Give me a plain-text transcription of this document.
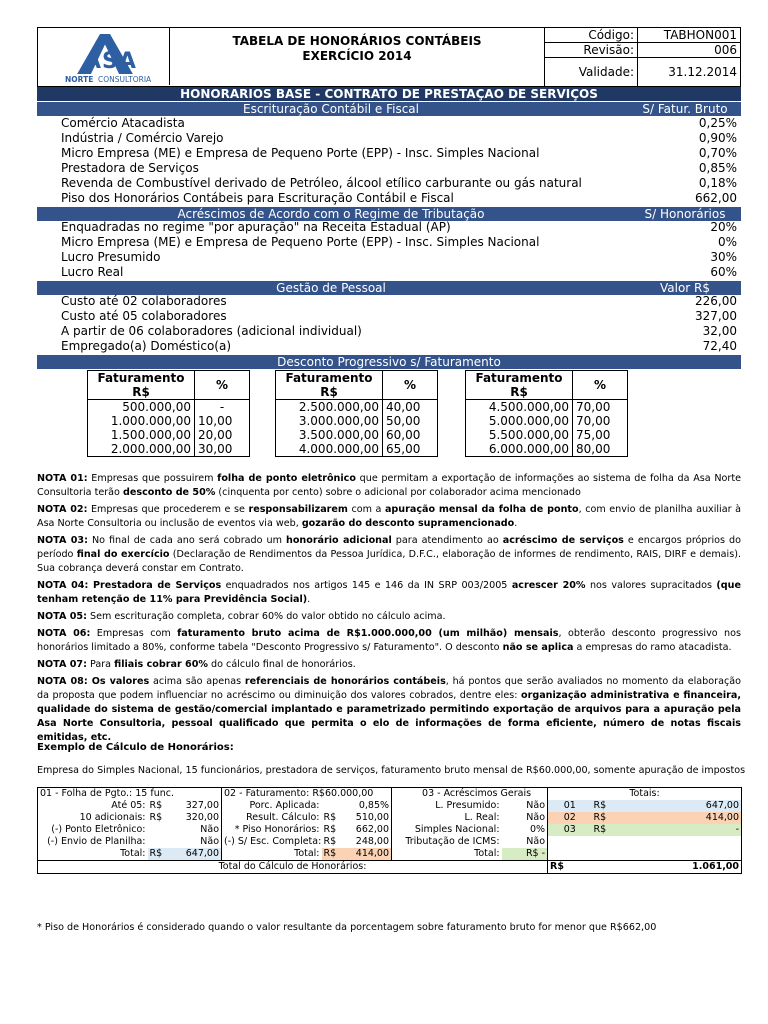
ASA
NORTE CONSULTORIA
TABELA DE HONORÁRIOS CONTÁBEIS
EXERCÍCIO 2014
Código:	TABHON001
Revisão:	006
Validade:	31.12.2014
HONORARIOS BASE - CONTRATO DE PRESTAÇAO DE SERVIÇOS
Escrituração Contábil e Fiscal	S/ Fatur. Bruto
Comércio Atacadista	0,25%
Indústria / Comércio Varejo	0,90%
Micro Empresa (ME) e Empresa de Pequeno Porte (EPP) - Insc. Simples Nacional	0,70%
Prestadora de Serviços	0,85%
Revenda de Combustível derivado de Petróleo, álcool etílico carburante ou gás natural	0,18%
Piso dos Honorários Contábeis para Escrituração Contábil e Fiscal	662,00
Acréscimos de Acordo com o Regime de Tributação	S/ Honorários
Enquadradas no regime "por apuração" na Receita Estadual (AP)	20%
Micro Empresa (ME) e Empresa de Pequeno Porte (EPP) - Insc. Simples Nacional	0%
Lucro Presumido	30%
Lucro Real	60%
Gestão de Pessoal	Valor R$
Custo até 02 colaboradores	226,00
Custo até 05 colaboradores	327,00
A partir de 06 colaboradores (adicional individual)	32,00
Empregado(a) Doméstico(a)	72,40
Desconto Progressivo s/ Faturamento
Faturamento R$	%
500.000,00	-
1.000.000,00	10,00
1.500.000,00	20,00
2.000.000,00	30,00
Faturamento R$	%
2.500.000,00	40,00
3.000.000,00	50,00
3.500.000,00	60,00
4.000.000,00	65,00
Faturamento R$	%
4.500.000,00	70,00
5.000.000,00	70,00
5.500.000,00	75,00
6.000.000,00	80,00

NOTA 01: Empresas que possuirem folha de ponto eletrônico que permitam a exportação de informações ao sistema de folha da Asa Norte Consultoria terão desconto de 50% (cinquenta por cento) sobre o adicional por colaborador acima mencionado

NOTA 02: Empresas que procederem e se responsabilizarem com a apuração mensal da folha de ponto, com envio de planilha auxiliar à Asa Norte Consultoria ou inclusão de eventos via web, gozarão do desconto supramencionado.

NOTA 03: No final de cada ano será cobrado um honorário adicional para atendimento ao acréscimo de serviços e encargos próprios do período final do exercício (Declaração de Rendimentos da Pessoa Jurídica, D.F.C., elaboração de informes de rendimento, RAIS, DIRF e demais). Sua cobrança deverá constar em Contrato.

NOTA 04: Prestadora de Serviços enquadrados nos artigos 145 e 146 da IN SRP 003/2005 acrescer 20% nos valores supracitados (que tenham retenção de 11% para Previdência Social).

NOTA 05: Sem escrituração completa, cobrar 60% do valor obtido no cálculo acima.

NOTA 06: Empresas com faturamento bruto acima de R$1.000.000,00 (um milhão) mensais, obterão desconto progressivo nos honorários limitado a 80%, conforme tabela "Desconto Progressivo s/ Faturamento". O desconto não se aplica a empresas do ramo atacadista.

NOTA 07: Para filiais cobrar 60% do cálculo final de honorários.

NOTA 08: Os valores acima são apenas referenciais de honorários contábeis, há pontos que serão avaliados no momento da elaboração da proposta que podem influenciar no acréscimo ou diminuição dos valores cobrados, dentre eles: organização administrativa e financeira, qualidade do sistema de gestão/comercial implantado e parametrizado permitindo exportação de arquivos para a apuração pela Asa Norte Consultoria, pessoal qualificado que permita o elo de informações de forma eficiente, número de notas fiscais emitidas, etc.

Exemplo de Cálculo de Honorários:
Empresa do Simples Nacional, 15 funcionários, prestadora de serviços, faturamento bruto mensal de R$60.000,00, somente apuração de impostos
01 - Folha de Pgto.: 15 func.			02 - Faturamento: R$60.000,00			03 - Acréscimos Gerais		Totais:		
Até 05:	R$	327,00	Porc. Aplicada:		0,85%	L. Presumido:	Não	01	R$	647,00
10 adicionais:	R$	320,00	Result. Cálculo:	R$	510,00	L. Real:	Não	02	R$	414,00
(-) Ponto Eletrônico:		Não	* Piso Honorários:	R$	662,00	Simples Nacional:	0%	03	R$	-
(-) Envio de Planilha:		Não	(-) S/ Esc. Completa:	R$	248,00	Tributação de ICMS:	Não			
Total:	R$	647,00	Total:	R$	414,00	Total:	R$ -			
Total do Cálculo de Honorários:								R$	1.061,00	
* Piso de Honorários é considerado quando o valor resultante da porcentagem sobre faturamento bruto for menor que R$662,00
